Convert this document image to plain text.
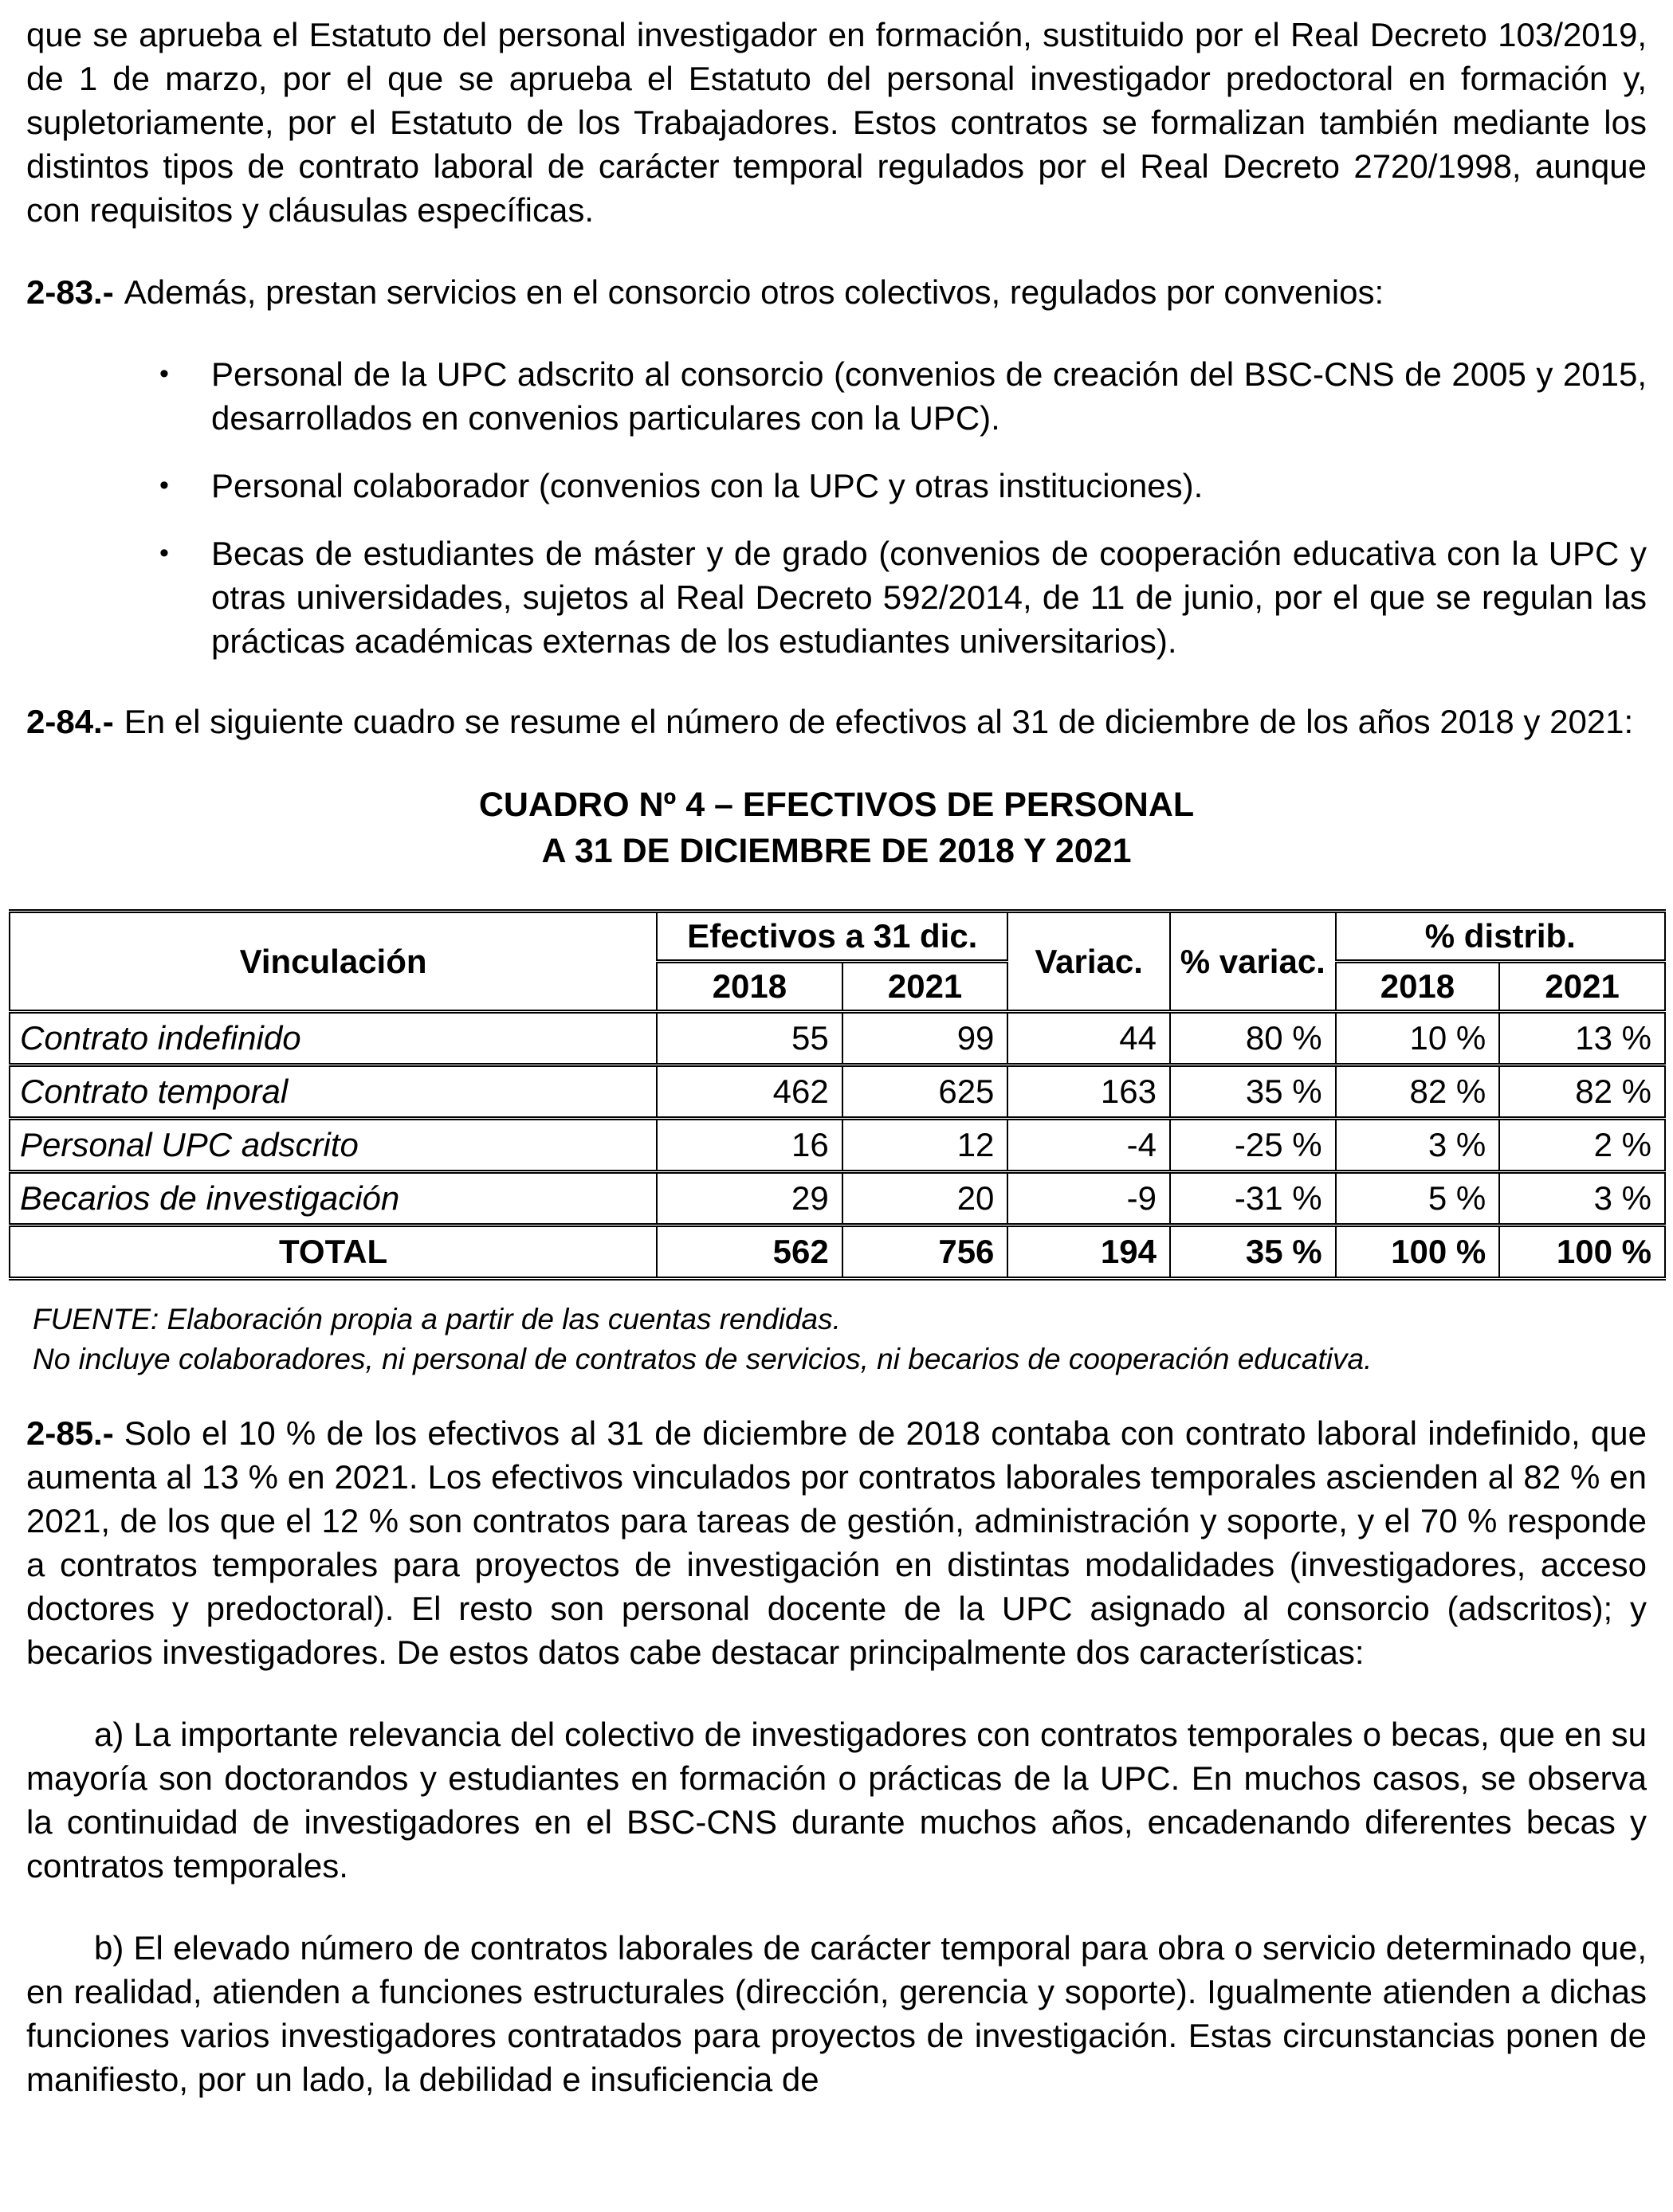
que se aprueba el Estatuto del personal investigador en formación, sustituido por el Real Decreto 103/2019, de 1 de marzo, por el que se aprueba el Estatuto del personal investigador predoctoral en formación y, supletoriamente, por el Estatuto de los Trabajadores. Estos contratos se formalizan también mediante los distintos tipos de contrato laboral de carácter temporal regulados por el Real Decreto 2720/1998, aunque con requisitos y cláusulas específicas.

2-83.- Además, prestan servicios en el consorcio otros colectivos, regulados por convenios:

•	Personal de la UPC adscrito al consorcio (convenios de creación del BSC-CNS de 2005 y 2015, desarrollados en convenios particulares con la UPC).
•	Personal colaborador (convenios con la UPC y otras instituciones).
•	Becas de estudiantes de máster y de grado (convenios de cooperación educativa con la UPC y otras universidades, sujetos al Real Decreto 592/2014, de 11 de junio, por el que se regulan las prácticas académicas externas de los estudiantes universitarios).

2-84.- En el siguiente cuadro se resume el número de efectivos al 31 de diciembre de los años 2018 y 2021:

CUADRO Nº 4 – EFECTIVOS DE PERSONAL
A 31 DE DICIEMBRE DE 2018 Y 2021
Vinculación	Efectivos a 31 dic.		Variac.	% variac.	% distrib.	
	2018	2021			2018	2021
Contrato indefinido	55	99	44	80 %	10 %	13 %
Contrato temporal	462	625	163	35 %	82 %	82 %
Personal UPC adscrito	16	12	-4	-25 %	3 %	2 %
Becarios de investigación	29	20	-9	-31 %	5 %	3 %
TOTAL	562	756	194	35 %	100 %	100 %
FUENTE: Elaboración propia a partir de las cuentas rendidas.
No incluye colaboradores, ni personal de contratos de servicios, ni becarios de cooperación educativa.

2-85.- Solo el 10 % de los efectivos al 31 de diciembre de 2018 contaba con contrato laboral indefinido, que aumenta al 13 % en 2021. Los efectivos vinculados por contratos laborales temporales ascienden al 82 % en 2021, de los que el 12 % son contratos para tareas de gestión, administración y soporte, y el 70 % responde a contratos temporales para proyectos de investigación en distintas modalidades (investigadores, acceso doctores y predoctoral). El resto son personal docente de la UPC asignado al consorcio (adscritos); y becarios investigadores. De estos datos cabe destacar principalmente dos características:

a) La importante relevancia del colectivo de investigadores con contratos temporales o becas, que en su mayoría son doctorandos y estudiantes en formación o prácticas de la UPC. En muchos casos, se observa la continuidad de investigadores en el BSC-CNS durante muchos años, encadenando diferentes becas y contratos temporales.

b) El elevado número de contratos laborales de carácter temporal para obra o servicio determinado que, en realidad, atienden a funciones estructurales (dirección, gerencia y soporte). Igualmente atienden a dichas funciones varios investigadores contratados para proyectos de investigación. Estas circunstancias ponen de manifiesto, por un lado, la debilidad e insuficiencia de
